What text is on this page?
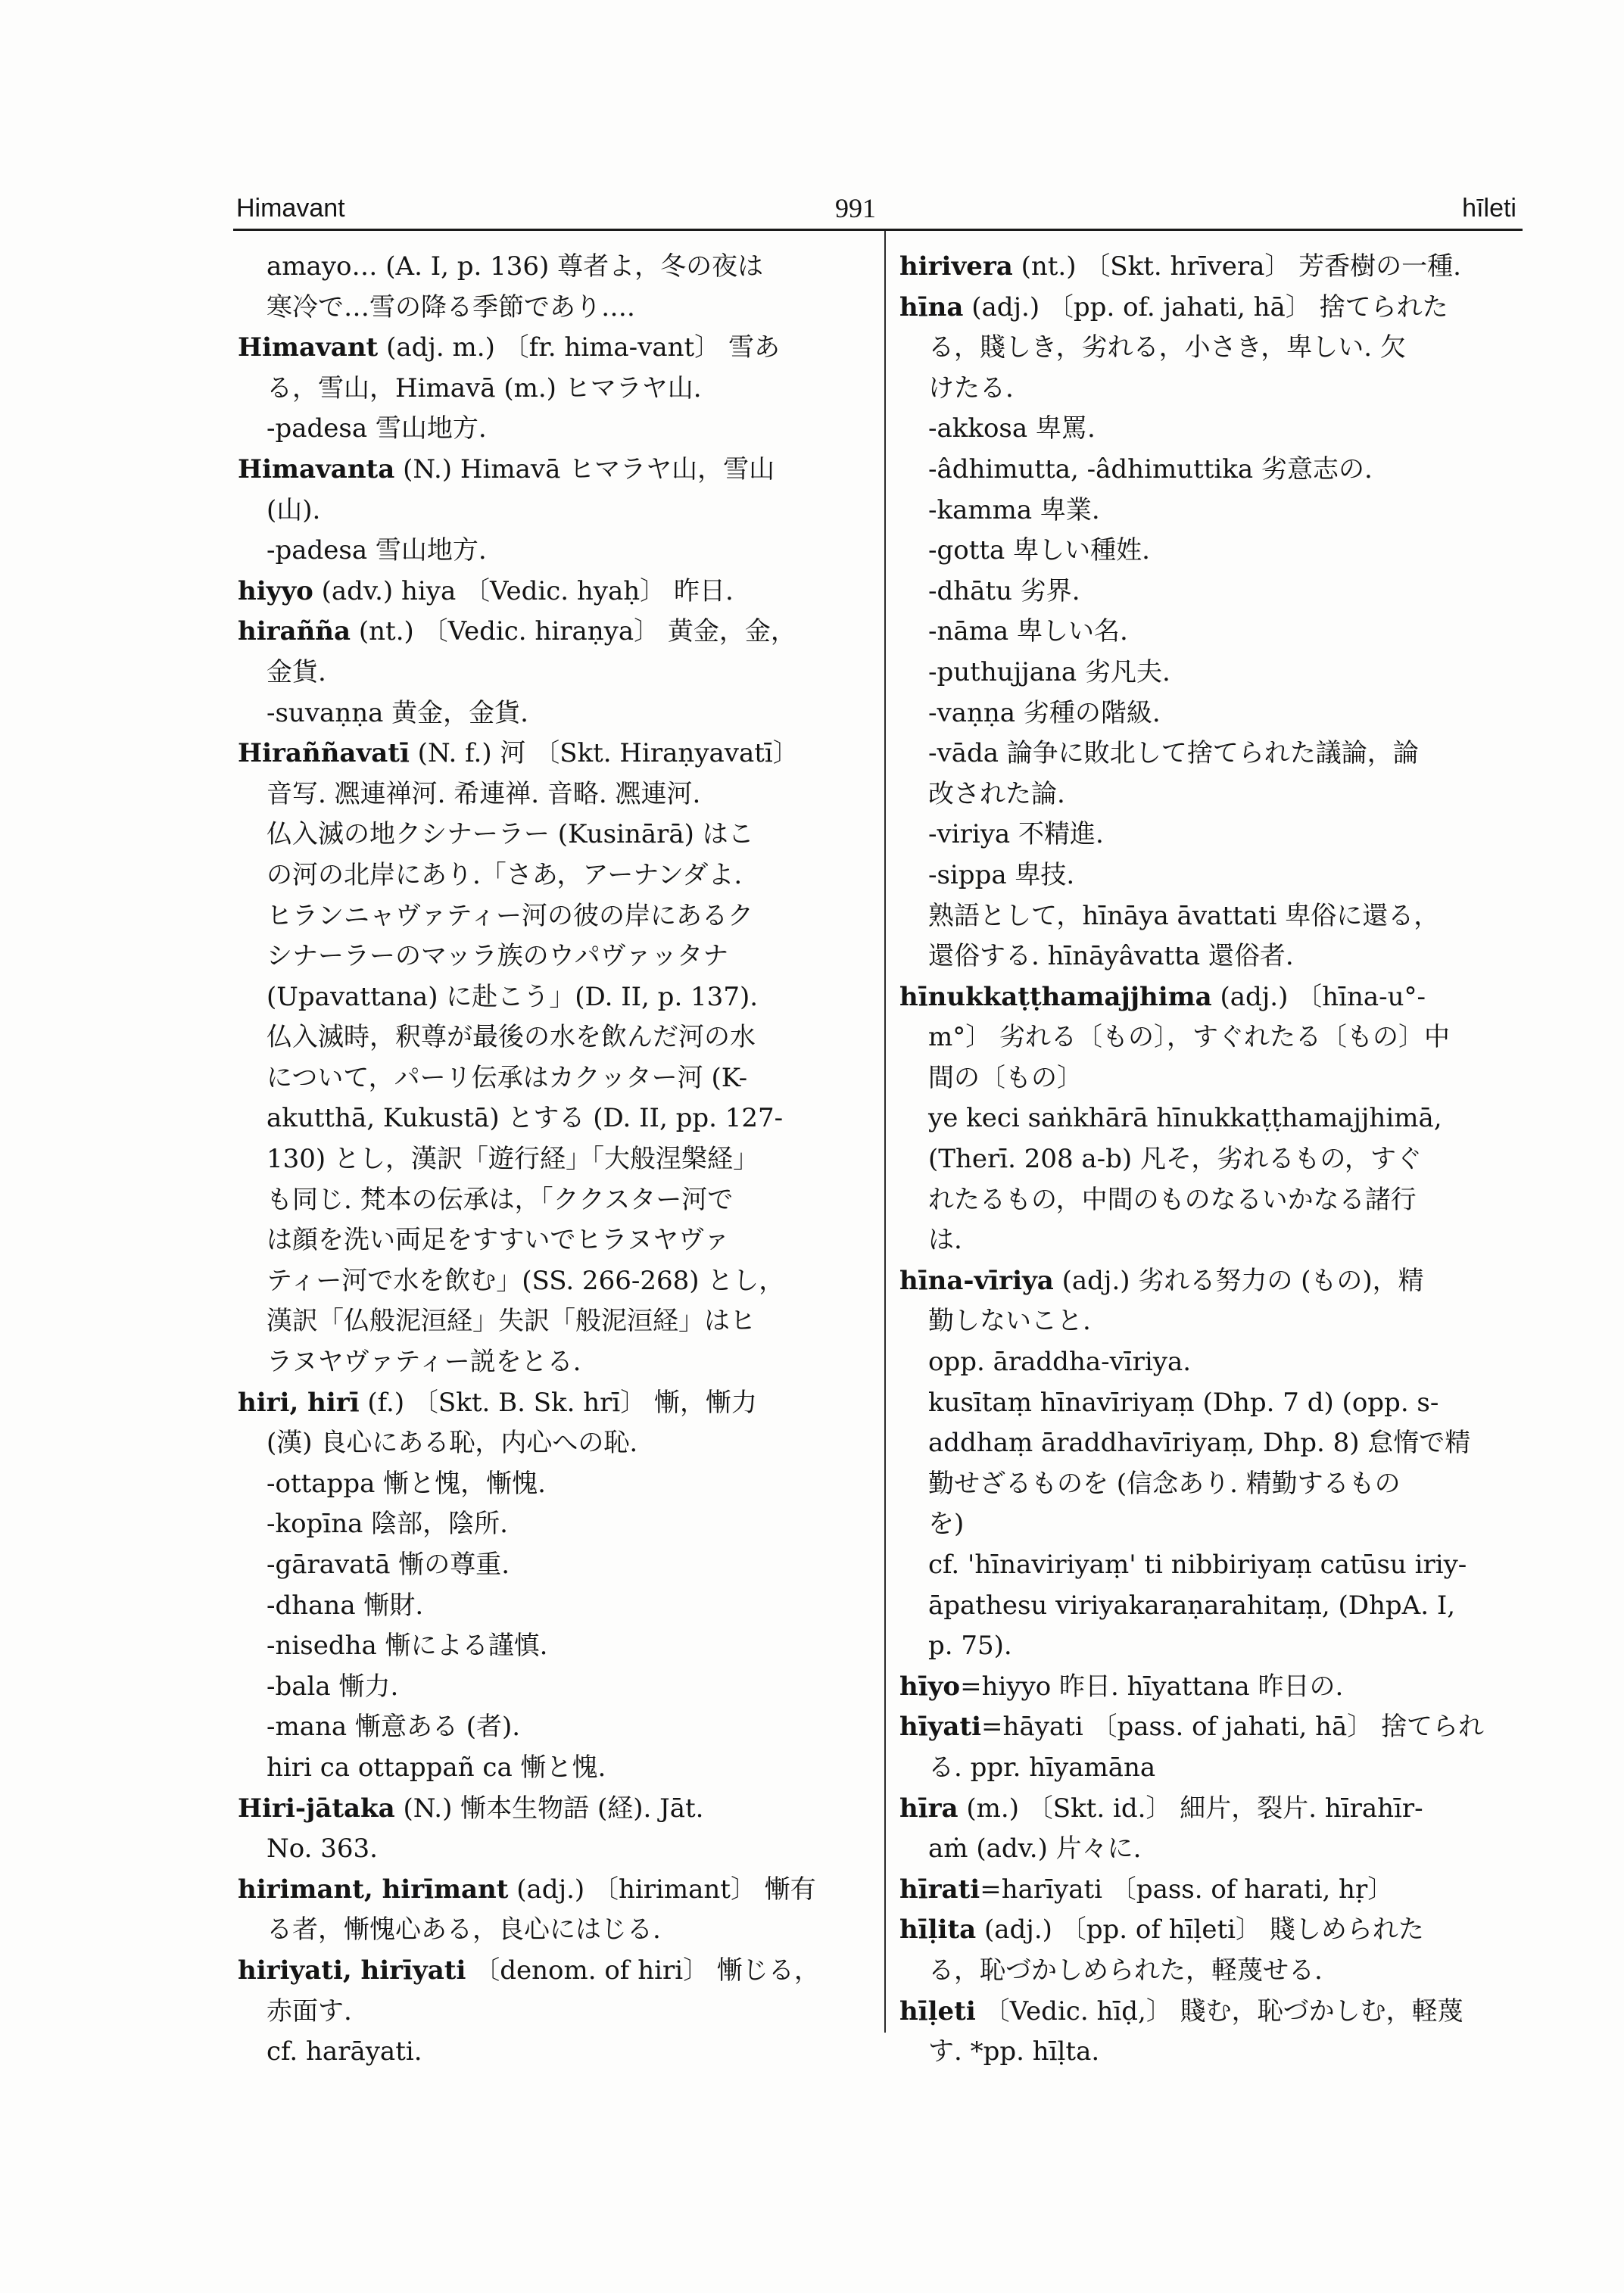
Himavant	991	hīleti
amayo… (A. I, p. 136) 尊者よ，冬の夜は
寒冷で…雪の降る季節であり….
Himavant (adj. m.) 〔fr. hima-vant〕 雪あ
る，雪山，Himavā (m.) ヒマラヤ山.
-padesa 雪山地方.
Himavanta (N.) Himavā ヒマラヤ山，雪山
(山).
-padesa 雪山地方.
hiyyo (adv.) hiya 〔Vedic. hyaḥ〕 昨日.
hirañña (nt.) 〔Vedic. hiraṇya〕 黄金，金，
金貨.
-suvaṇṇa 黄金，金貨.
Hiraññavatī (N. f.) 河 〔Skt. Hiraṇyavatī〕
音写. 凞連禅河. 希連禅. 音略. 凞連河.
仏入滅の地クシナーラー (Kusinārā) はこ
の河の北岸にあり.「さあ，アーナンダよ.
ヒランニャヴァティー河の彼の岸にあるク
シナーラーのマッラ族のウパヴァッタナ
(Upavattana) に赴こう」(D. II, p. 137).
仏入滅時，釈尊が最後の水を飲んだ河の水
について，パーリ伝承はカクッター河 (K-
akutthā, Kukustā) とする (D. II, pp. 127-
130) とし，漢訳「遊行経」「大般涅槃経」
も同じ. 梵本の伝承は，「ククスター河で
は顔を洗い両足をすすいでヒラヌヤヴァ
ティー河で水を飲む」(SS. 266-268) とし，
漢訳「仏般泥洹経」失訳「般泥洹経」はヒ
ラヌヤヴァティー説をとる.
hiri, hirī (f.) 〔Skt. B. Sk. hrī〕 慚，慚力
(漢) 良心にある恥，内心への恥.
-ottappa 慚と愧，慚愧.
-kopīna 陰部，陰所.
-gāravatā 慚の尊重.
-dhana 慚財.
-nisedha 慚による謹慎.
-bala 慚力.
-mana 慚意ある (者).
hiri ca ottappañ ca 慚と愧.
Hiri-jātaka (N.) 慚本生物語 (経). Jāt.
No. 363.
hirimant, hirīmant (adj.) 〔hirimant〕 慚有
る者，慚愧心ある，良心にはじる.
hiriyati, hirīyati 〔denom. of hiri〕 慚じる，
赤面す.
cf. harāyati.
hirivera (nt.) 〔Skt. hrīvera〕 芳香樹の一種.
hīna (adj.) 〔pp. of. jahati, hā〕 捨てられた
る，賤しき，劣れる，小さき，卑しい. 欠
けたる.
-akkosa 卑罵.
-âdhimutta, -âdhimuttika 劣意志の.
-kamma 卑業.
-gotta 卑しい種姓.
-dhātu 劣界.
-nāma 卑しい名.
-puthujjana 劣凡夫.
-vaṇṇa 劣種の階級.
-vāda 論争に敗北して捨てられた議論，論
改された論.
-viriya 不精進.
-sippa 卑技.
熟語として，hīnāya āvattati 卑俗に還る，
還俗する. hīnāyâvatta 還俗者.
hīnukkaṭṭhamajjhima (adj.) 〔hīna-u°-
m°〕 劣れる〔もの〕，すぐれたる〔もの〕中
間の〔もの〕
ye keci saṅkhārā hīnukkaṭṭhamajjhimā,
(Therī. 208 a-b) 凡そ，劣れるもの，すぐ
れたるもの，中間のものなるいかなる諸行
は.
hīna-vīriya (adj.) 劣れる努力の (もの)，精
勤しないこと.
opp. āraddha-vīriya.
kusītaṃ hīnavīriyaṃ (Dhp. 7 d) (opp. s-
addhaṃ āraddhavīriyaṃ, Dhp. 8) 怠惰で精
勤せざるものを (信念あり. 精勤するもの
を)
cf. 'hīnaviriyaṃ' ti nibbiriyaṃ catūsu iriy-
āpathesu viriyakaraṇarahitaṃ, (DhpA. I,
p. 75).
hīyo=hiyyo 昨日. hīyattana 昨日の.
hīyati=hāyati 〔pass. of jahati, hā〕 捨てられ
る. ppr. hīyamāna
hīra (m.) 〔Skt. id.〕 細片，裂片. hīrahīr-
aṁ (adv.) 片々に.
hīrati=harīyati 〔pass. of harati, hṛ〕
hīḷita (adj.) 〔pp. of hīḷeti〕 賤しめられた
る，恥づかしめられた，軽蔑せる.
hīḷeti 〔Vedic. hīḍ,〕 賤む，恥づかしむ，軽蔑
す. *pp. hīḷta.
